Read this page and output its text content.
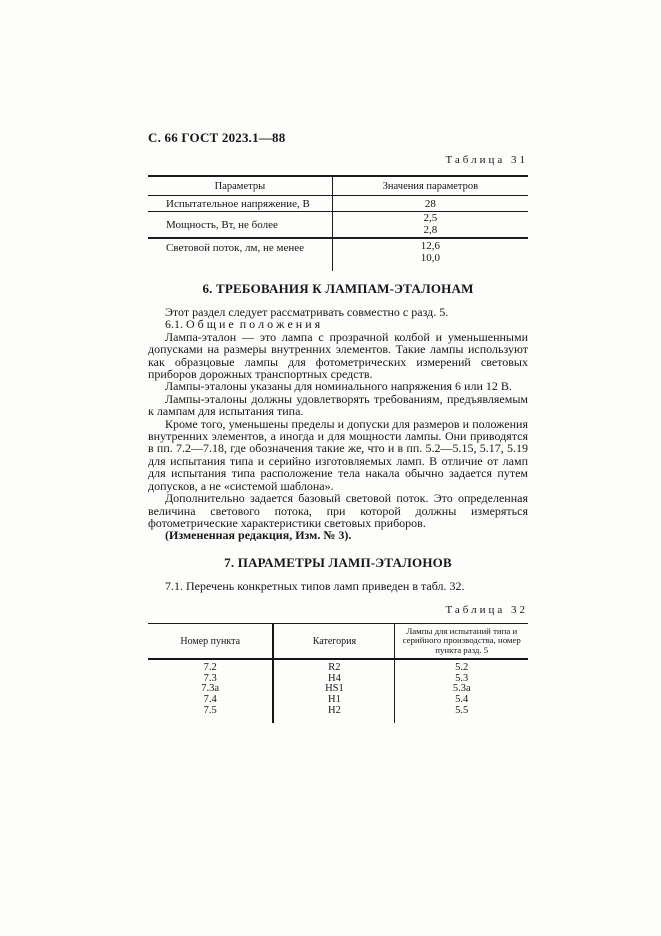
С. 66 ГОСТ 2023.1—88
Таблица 31
Параметры	Значения параметров
Испытательное напряжение, В	28
Мощность, Вт, не более	2,5
2,8

Световой поток, лм, не менее	12,6
10,0
6. ТРЕБОВАНИЯ К ЛАМПАМ-ЭТАЛОНАМ

Этот раздел следует рассматривать совместно с разд. 5.

6.1. О б щ и е  п о л о ж е н и я

Лампа-эталон — это лампа с прозрачной колбой и уменьшенными допусками на размеры внутренних элементов. Такие лампы используют как образцовые лампы для фотометрических измерений световых приборов дорожных транспортных средств.

Лампы-эталоны указаны для номинального напряжения 6 или 12 В.

Лампы-эталоны должны удовлетворять требованиям, предъявляемым к лампам для испытания типа.

Кроме того, уменьшены пределы и допуски для размеров и положения внутренних элементов, а иногда и для мощности лампы. Они приводятся в пп. 7.2—7.18, где обозначения такие же, что и в пп. 5.2—5.15, 5.17, 5.19 для испытания типа и серийно изготовляемых ламп. В отличие от ламп для испытания типа расположение тела накала обычно задается путем допусков, а не «системой шаблона».

Дополнительно задается базовый световой поток. Это определенная величина светового потока, при которой должны измеряться фотометрические характеристики световых приборов.

(Измененная редакция, Изм. № 3).

7. ПАРАМЕТРЫ ЛАМП-ЭТАЛОНОВ

7.1. Перечень конкретных типов ламп приведен в табл. 32.

Таблица 32
Номер пункта	Категория	Лампы для испытаний типа и серийного производства, номер пункта разд. 5
7.2	R2	5.2
7.3	H4	5.3
7.3а	HS1	5.3а
7.4	H1	5.4
7.5	H2	5.5
